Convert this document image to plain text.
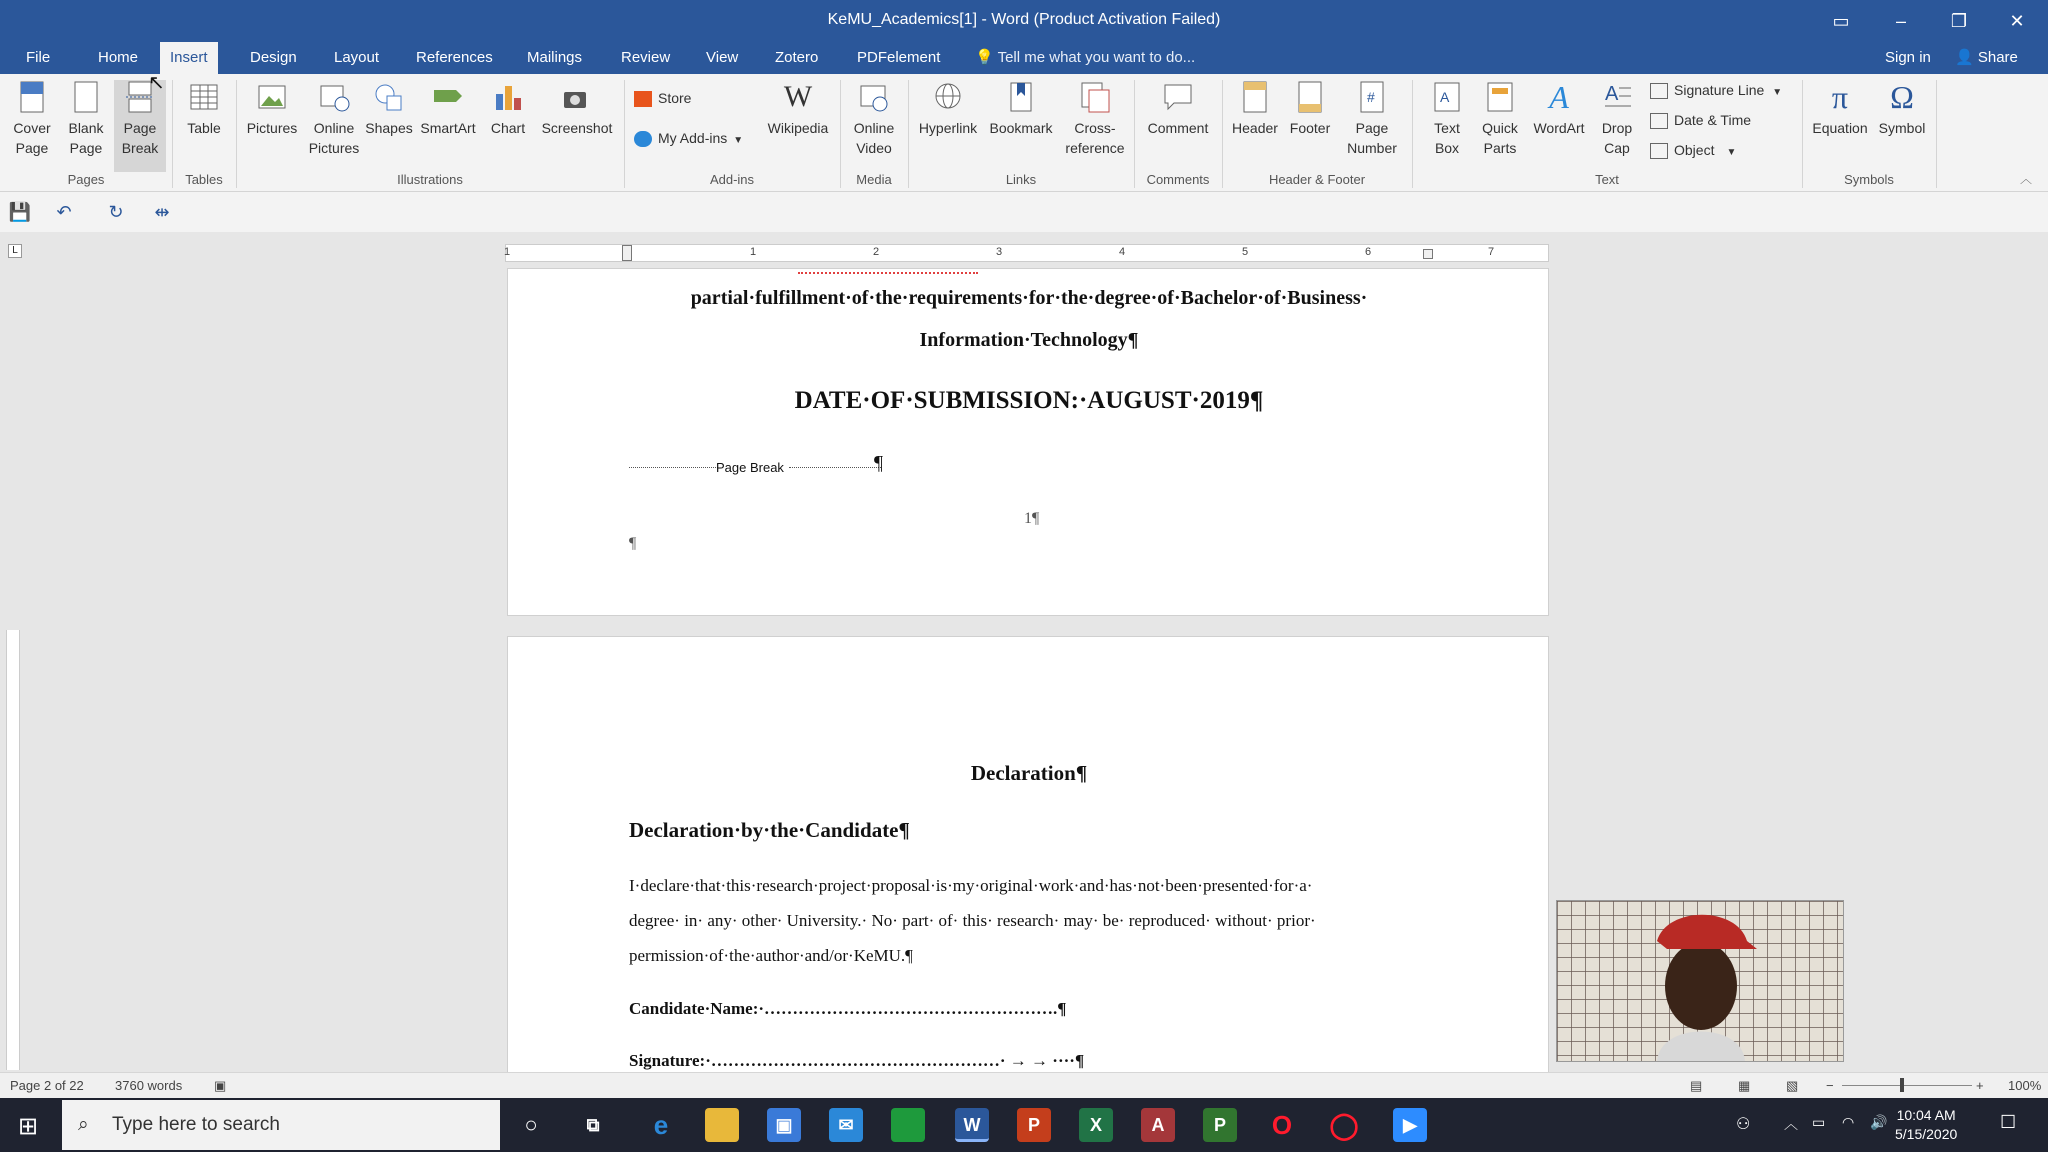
KeMU_Academics[1] - Word (Product Activation Failed)	▭	–	❐	✕
File	Home	Insert	Design	Layout	References	Mailings	Review	View	Zotero	PDFelement	💡 Tell me what you want to do...	Sign in 👤 Share
Cover
Page
Blank
Page
Page
Break
Pages
Table
Tables
Pictures	Online
Pictures
Shapes SmartArt	Chart	Screenshot
Illustrations
Store
My Add-ins ▼
W
Wikipedia
Add-ins
Online
Video
Media
Hyperlink Bookmark	Cross-
reference
Links
Comment
Comments
Header Footer
#
Page
Number
Header & Footer
A
Text
Box
Quick
Parts
A
WordArt
A
Drop
Cap
Signature Line ▼
Date & Time
Object ▼
Text
π
Equation
Ω
Symbol
Symbols	︿
💾 ↶ ↻ ⇹
L	1	1	2	3	4	5	6	7
partial·fulfillment·of·the·requirements·for·the·degree·of·Bachelor·of·Business·
Information·Technology¶
DATE·OF·SUBMISSION:·AUGUST·2019¶
Page Break	¶
1¶
¶
Declaration¶
Declaration·by·the·Candidate¶
I·declare·that·this·research·project·proposal·is·my·original·work·and·has·not·been·presented·for·a·
degree· in· any· other· University.· No· part· of· this· research· may· be· reproduced· without· prior·
permission·of·the·author·and/or·KeMU.¶
Candidate·Name:·…………………………………………….¶
Signature:·……………………………………………· → → ····¶
Page 2 of 22 3760 words ▣	▤	▦	▧ −	+ 100%
⊞ ⌕ Type here to search	○	⧉	e	▣	✉	W	P	X	A	P	O ◯	▶	⚇ ︿ ▭ ◠ 🔊 10:04 AM
5/15/2020
☐
↖
